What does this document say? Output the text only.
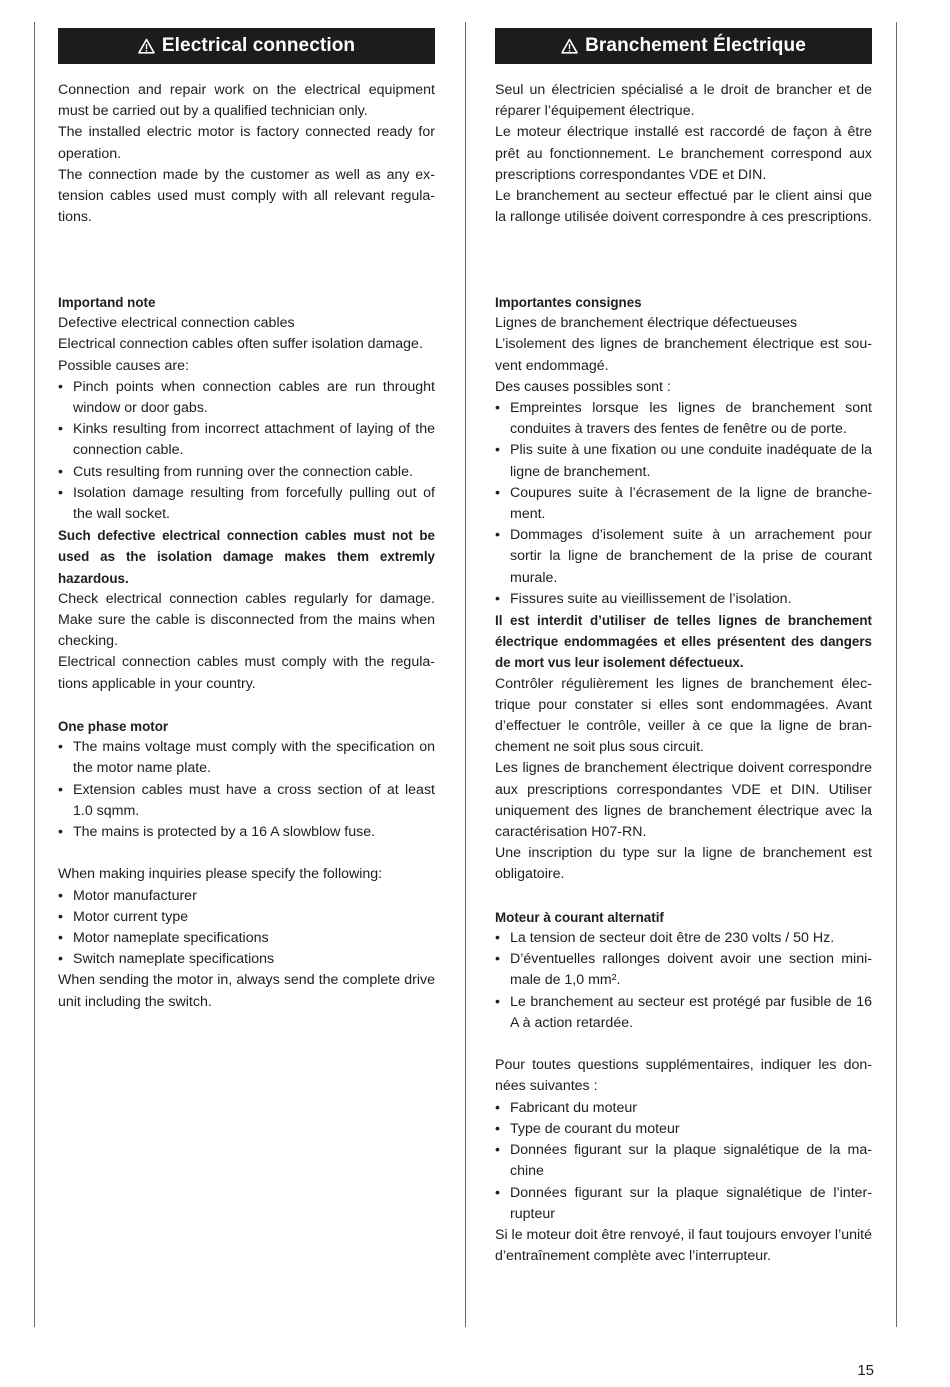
Electrical connection

Connection and repair work on the electrical equipment must be carried out by a qualified technician only.

The installed electric motor is factory connected ready for operation.

The connection made by the customer as well as any extension cables used must comply with all relevant regulations.

Importand note

Defective electrical connection cables

Electrical connection cables often suffer isolation damage.

Possible causes are:

• Pinch points when connection cables are run throught window or door gabs.
• Kinks resulting from incorrect attachment of laying of the connection cable.
• Cuts resulting from running over the connection cable.
• Isolation damage resulting from forcefully pulling out of the wall socket.

Such defective electrical connection cables must not be used as the isolation damage makes them extremly hazardous.

Check electrical connection cables regularly for damage. Make sure the cable is disconnected from the mains when checking.

Electrical connection cables must comply with the regulations applicable in your country.

One phase motor

• The mains voltage must comply with the specification on the motor name plate.
• Extension cables must have a cross section of at least 1.0 sqmm.
• The mains is protected by a 16 A slowblow fuse.

When making inquiries please specify the following:

• Motor manufacturer
• Motor current type
• Motor nameplate specifications
• Switch nameplate specifications

When sending the motor in, always send the complete drive unit including the switch.

Branchement Électrique

Seul un électricien spécialisé a le droit de brancher et de réparer l’équipement électrique.

Le moteur électrique installé est raccordé de façon à être prêt au fonctionnement. Le branchement correspond aux prescriptions correspondantes VDE et DIN.

Le branchement au secteur effectué par le client ainsi que la rallonge utilisée doivent correspondre à ces prescriptions.

Importantes consignes

Lignes de branchement électrique défectueuses

L’isolement des lignes de branchement électrique est souvent endommagé.

Des causes possibles sont :

• Empreintes lorsque les lignes de branchement sont conduites à travers des fentes de fenêtre ou de porte.
• Plis suite à une fixation ou une conduite inadéquate de la ligne de branchement.
• Coupures suite à l’écrasement de la ligne de branchement.
• Dommages d’isolement suite à un arrachement pour sortir la ligne de branchement de la prise de courant murale.
• Fissures suite au vieillissement de l’isolation.

Il est interdit d’utiliser de telles lignes de branchement électrique endommagées et elles présentent des dangers de mort vus leur isolement défectueux.

Contrôler régulièrement les lignes de branchement électrique pour constater si elles sont endommagées. Avant d’effectuer le contrôle, veiller à ce que la ligne de branchement ne soit plus sous circuit.

Les lignes de branchement électrique doivent correspondre aux prescriptions correspondantes VDE et DIN. Utiliser uniquement des lignes de branchement électrique avec la caractérisation H07-RN.

Une inscription du type sur la ligne de branchement est obligatoire.

Moteur à courant alternatif

• La tension de secteur doit être de 230 volts / 50 Hz.
• D’éventuelles rallonges doivent avoir une section minimale de 1,0 mm².
• Le branchement au secteur est protégé par fusible de 16 A à action retardée.

Pour toutes questions supplémentaires, indiquer les données suivantes :

• Fabricant du moteur
• Type de courant du moteur
• Données figurant sur la plaque signalétique de la machine
• Données figurant sur la plaque signalétique de l’interrupteur

Si le moteur doit être renvoyé, il faut toujours envoyer l’unité d’entraînement complète avec l’interrupteur.

15
